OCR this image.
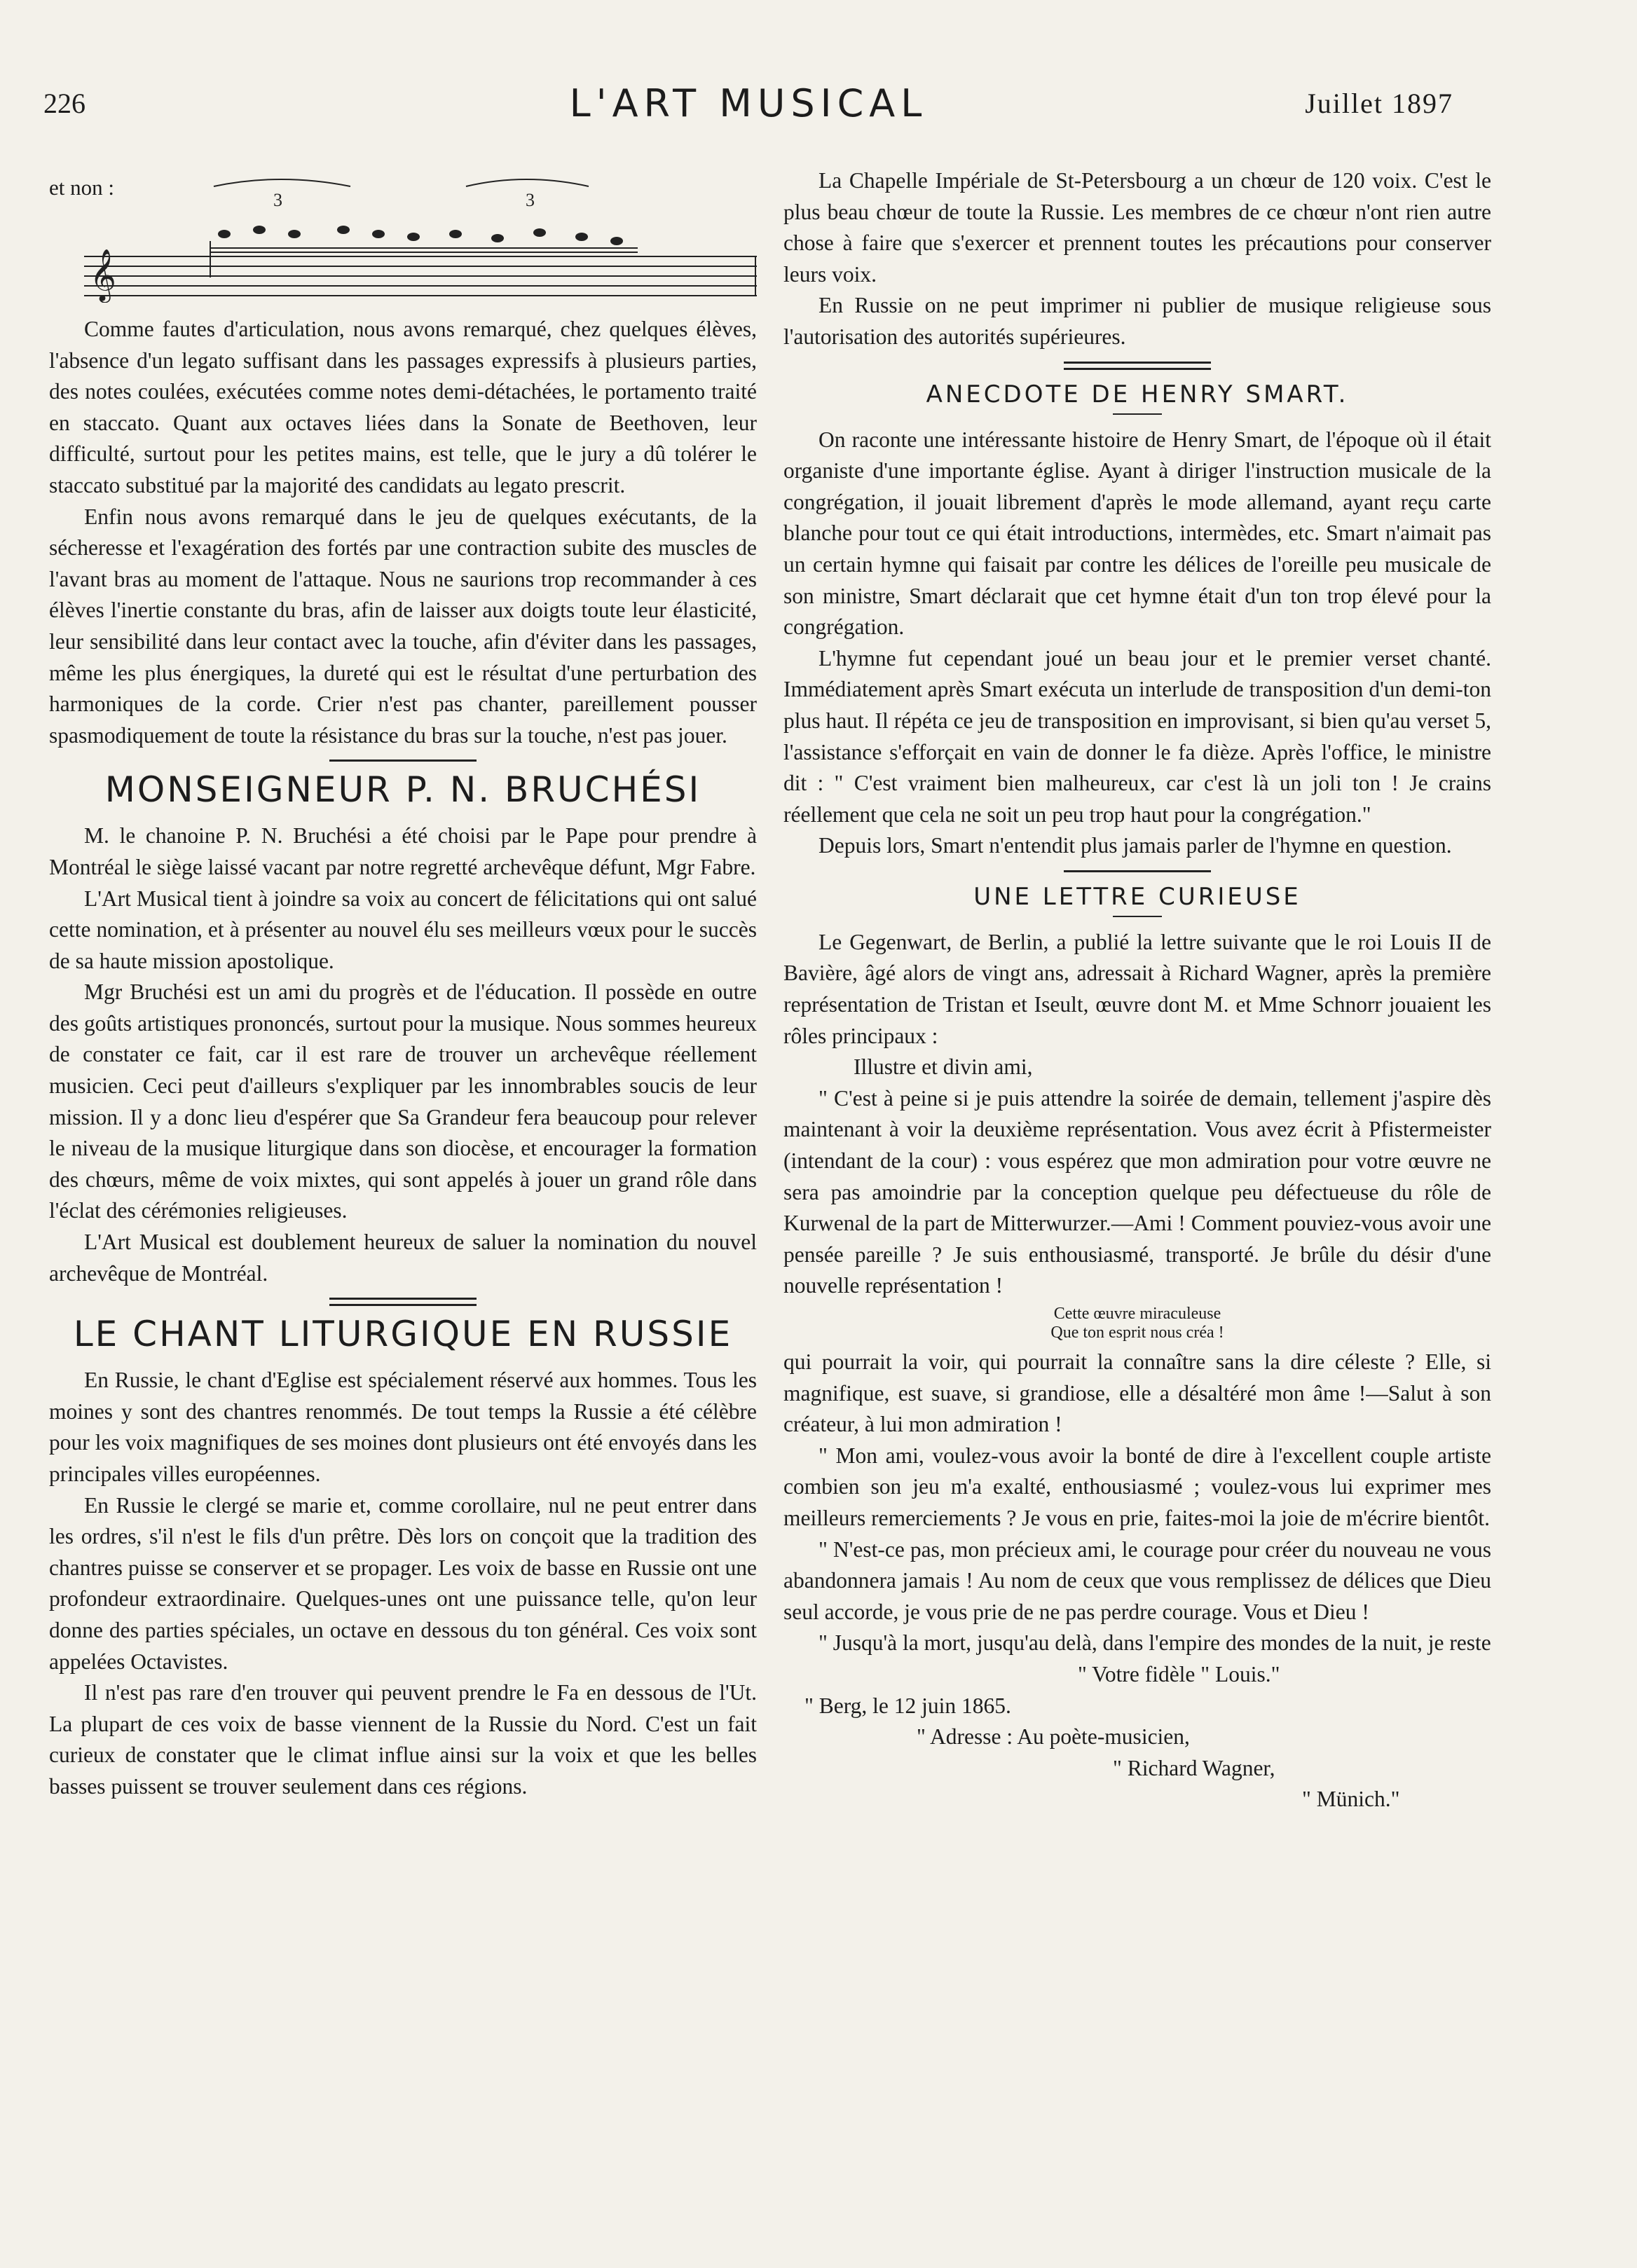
226	L'ART MUSICAL	Juillet 1897
et non :
𝄞
3	3

Comme fautes d'articulation, nous avons remarqué, chez quelques élèves, l'absence d'un legato suffisant dans les passages expressifs à plusieurs parties, des notes coulées, exécutées comme notes demi-détachées, le portamento traité en staccato. Quant aux octaves liées dans la Sonate de Beethoven, leur difficulté, surtout pour les petites mains, est telle, que le jury a dû tolérer le staccato substitué par la majorité des candidats au legato prescrit.

Enfin nous avons remarqué dans le jeu de quelques exécutants, de la sécheresse et l'exagération des fortés par une contraction subite des muscles de l'avant bras au moment de l'attaque. Nous ne saurions trop recommander à ces élèves l'inertie constante du bras, afin de laisser aux doigts toute leur élasticité, leur sensibilité dans leur contact avec la touche, afin d'éviter dans les passages, même les plus énergiques, la dureté qui est le résultat d'une perturbation des harmoniques de la corde. Crier n'est pas chanter, pareillement pousser spasmodiquement de toute la résistance du bras sur la touche, n'est pas jouer.

MONSEIGNEUR P. N. BRUCHÉSI

M. le chanoine P. N. Bruchési a été choisi par le Pape pour prendre à Montréal le siège laissé vacant par notre regretté archevêque défunt, Mgr Fabre.

L'Art Musical tient à joindre sa voix au concert de félicitations qui ont salué cette nomination, et à présenter au nouvel élu ses meilleurs vœux pour le succès de sa haute mission apostolique.

Mgr Bruchési est un ami du progrès et de l'éducation. Il possède en outre des goûts artistiques prononcés, surtout pour la musique. Nous sommes heureux de constater ce fait, car il est rare de trouver un archevêque réellement musicien. Ceci peut d'ailleurs s'expliquer par les innombrables soucis de leur mission. Il y a donc lieu d'espérer que Sa Grandeur fera beaucoup pour relever le niveau de la musique liturgique dans son diocèse, et encourager la formation des chœurs, même de voix mixtes, qui sont appelés à jouer un grand rôle dans l'éclat des cérémonies religieuses.

L'Art Musical est doublement heureux de saluer la nomination du nouvel archevêque de Montréal.

LE CHANT LITURGIQUE EN RUSSIE

En Russie, le chant d'Eglise est spécialement réservé aux hommes. Tous les moines y sont des chantres renommés. De tout temps la Russie a été célèbre pour les voix magnifiques de ses moines dont plusieurs ont été envoyés dans les principales villes européennes.

En Russie le clergé se marie et, comme corollaire, nul ne peut entrer dans les ordres, s'il n'est le fils d'un prêtre. Dès lors on conçoit que la tradition des chantres puisse se conserver et se propager. Les voix de basse en Russie ont une profondeur extraordinaire. Quelques-unes ont une puissance telle, qu'on leur donne des parties spéciales, un octave en dessous du ton général. Ces voix sont appelées Octavistes.

Il n'est pas rare d'en trouver qui peuvent prendre le Fa en dessous de l'Ut. La plupart de ces voix de basse viennent de la Russie du Nord. C'est un fait curieux de constater que le climat influe ainsi sur la voix et que les belles basses puissent se trouver seulement dans ces régions.

La Chapelle Impériale de St-Petersbourg a un chœur de 120 voix. C'est le plus beau chœur de toute la Russie. Les membres de ce chœur n'ont rien autre chose à faire que s'exercer et prennent toutes les précautions pour conserver leurs voix.

En Russie on ne peut imprimer ni publier de musique religieuse sous l'autorisation des autorités supérieures.

ANECDOTE DE HENRY SMART.

On raconte une intéressante histoire de Henry Smart, de l'époque où il était organiste d'une importante église. Ayant à diriger l'instruction musicale de la congrégation, il jouait librement d'après le mode allemand, ayant reçu carte blanche pour tout ce qui était introductions, intermèdes, etc. Smart n'aimait pas un certain hymne qui faisait par contre les délices de l'oreille peu musicale de son ministre, Smart déclarait que cet hymne était d'un ton trop élevé pour la congrégation.

L'hymne fut cependant joué un beau jour et le premier verset chanté. Immédiatement après Smart exécuta un interlude de transposition d'un demi-ton plus haut. Il répéta ce jeu de transposition en improvisant, si bien qu'au verset 5, l'assistance s'efforçait en vain de donner le fa dièze. Après l'office, le ministre dit : " C'est vraiment bien malheureux, car c'est là un joli ton ! Je crains réellement que cela ne soit un peu trop haut pour la congrégation."

Depuis lors, Smart n'entendit plus jamais parler de l'hymne en question.

UNE LETTRE CURIEUSE

Le Gegenwart, de Berlin, a publié la lettre suivante que le roi Louis II de Bavière, âgé alors de vingt ans, adressait à Richard Wagner, après la première représentation de Tristan et Iseult, œuvre dont M. et Mme Schnorr jouaient les rôles principaux :

Illustre et divin ami,

" C'est à peine si je puis attendre la soirée de demain, tellement j'aspire dès maintenant à voir la deuxième représentation. Vous avez écrit à Pfistermeister (intendant de la cour) : vous espérez que mon admiration pour votre œuvre ne sera pas amoindrie par la conception quelque peu défectueuse du rôle de Kurwenal de la part de Mitterwurzer.—Ami ! Comment pouviez-vous avoir une pensée pareille ? Je suis enthousiasmé, transporté. Je brûle du désir d'une nouvelle représentation !

Cette œuvre miraculeuse
Que ton esprit nous créa !

qui pourrait la voir, qui pourrait la connaître sans la dire céleste ? Elle, si magnifique, est suave, si grandiose, elle a désaltéré mon âme !—Salut à son créateur, à lui mon admiration !

" Mon ami, voulez-vous avoir la bonté de dire à l'excellent couple artiste combien son jeu m'a exalté, enthousiasmé ; voulez-vous lui exprimer mes meilleurs remerciements ? Je vous en prie, faites-moi la joie de m'écrire bientôt.

" N'est-ce pas, mon précieux ami, le courage pour créer du nouveau ne vous abandonnera jamais ! Au nom de ceux que vous remplissez de délices que Dieu seul accorde, je vous prie de ne pas perdre courage. Vous et Dieu !

" Jusqu'à la mort, jusqu'au delà, dans l'empire des mondes de la nuit, je reste

" Votre fidèle " Louis."

" Berg, le 12 juin 1865.

" Adresse : Au poète-musicien,

" Richard Wagner,

" Münich."
